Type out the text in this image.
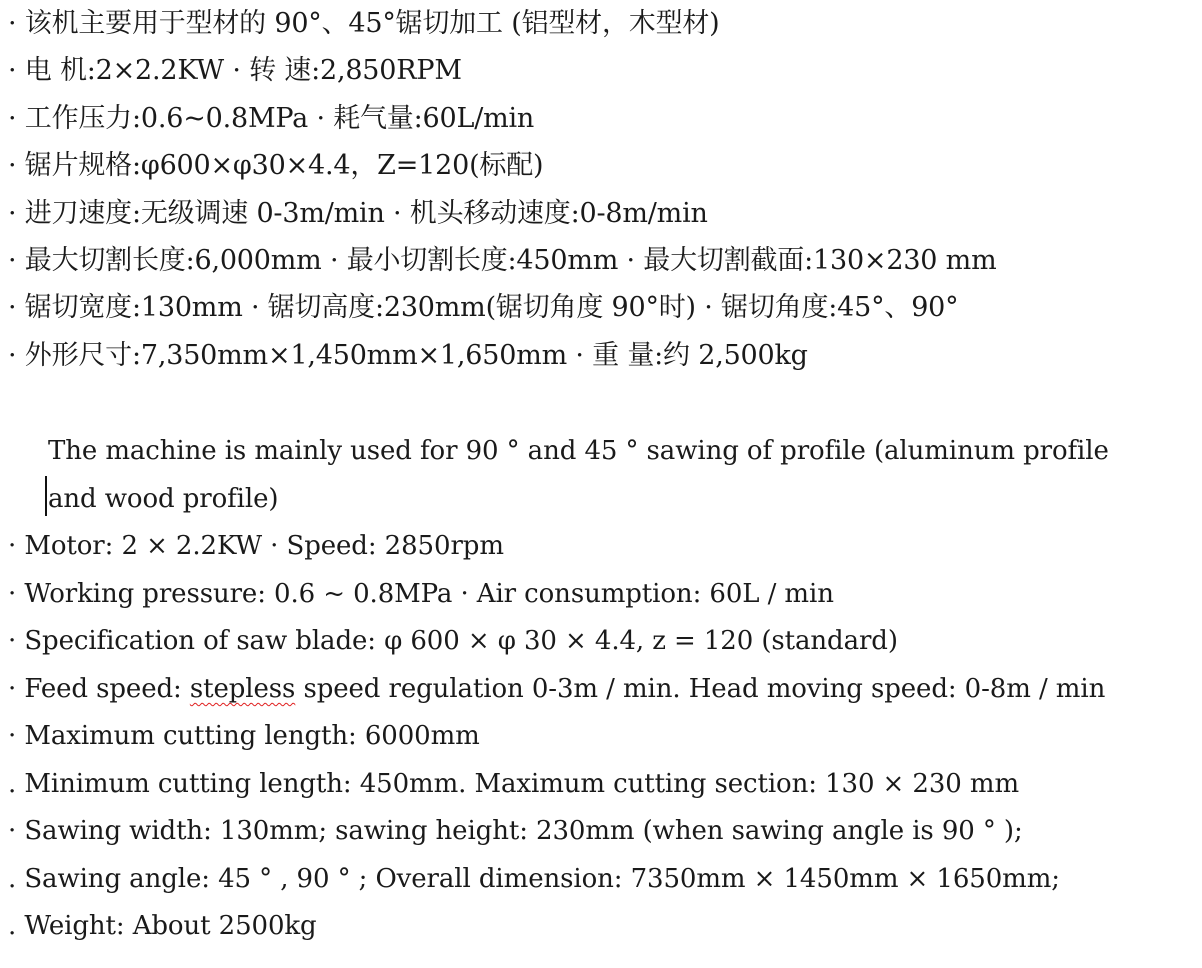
· 该机主要用于型材的 90°、45°锯切加工 (铝型材，木型材)
· 电 机:2×2.2KW · 转 速:2,850RPM
· 工作压力:0.6~0.8MPa · 耗气量:60L/min
· 锯片规格:φ600×φ30×4.4，Z=120(标配)
· 进刀速度:无级调速 0-3m/min · 机头移动速度:0-8m/min
· 最大切割长度:6,000mm · 最小切割长度:450mm · 最大切割截面:130×230 mm
· 锯切宽度:130mm · 锯切高度:230mm(锯切角度 90°时) · 锯切角度:45°、90°
· 外形尺寸:7,350mm×1,450mm×1,650mm · 重 量:约 2,500kg
The machine is mainly used for 90 ° and 45 ° sawing of profile (aluminum profile
and wood profile)
· Motor: 2 × 2.2KW · Speed: 2850rpm
· Working pressure: 0.6 ~ 0.8MPa · Air consumption: 60L / min
· Specification of saw blade: φ 600 × φ 30 × 4.4, z = 120 (standard)
· Feed speed: stepless speed regulation 0-3m / min. Head moving speed: 0-8m / min
· Maximum cutting length: 6000mm
. Minimum cutting length: 450mm. Maximum cutting section: 130 × 230 mm
· Sawing width: 130mm; sawing height: 230mm (when sawing angle is 90 ° );
. Sawing angle: 45 ° , 90 ° ; Overall dimension: 7350mm × 1450mm × 1650mm;
. Weight: About 2500kg
